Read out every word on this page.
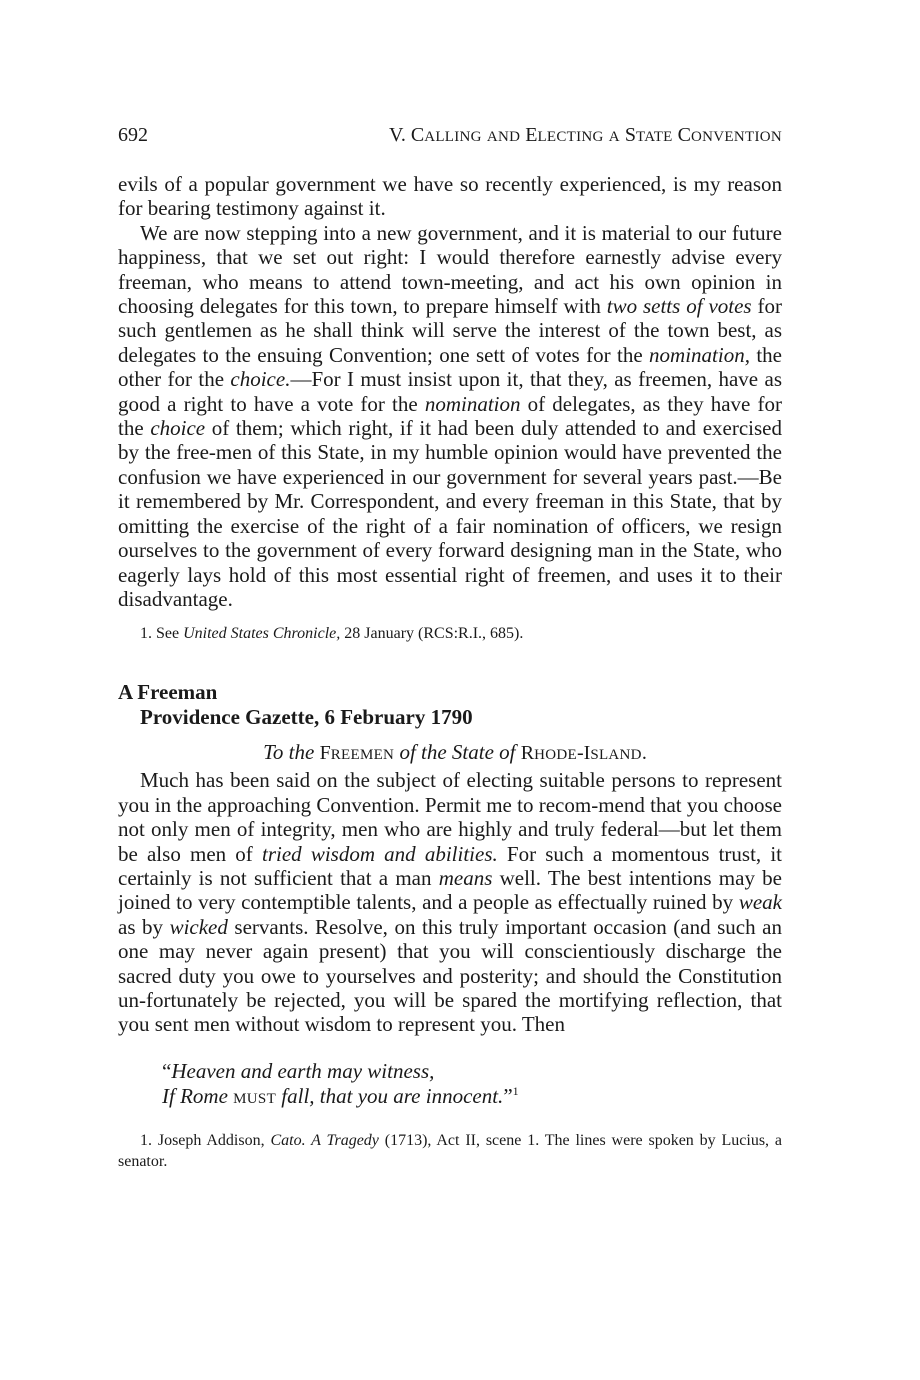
692	V. CALLING AND ELECTING A STATE CONVENTION

evils of a popular government we have so recently experienced, is my reason for bearing testimony against it.

We are now stepping into a new government, and it is material to our future happiness, that we set out right: I would therefore earnestly advise every freeman, who means to attend town-meeting, and act his own opinion in choosing delegates for this town, to prepare himself with two setts of votes for such gentlemen as he shall think will serve the interest of the town best, as delegates to the ensuing Convention; one sett of votes for the nomination, the other for the choice.—For I must insist upon it, that they, as freemen, have as good a right to have a vote for the nomination of delegates, as they have for the choice of them; which right, if it had been duly attended to and exercised by the free-men of this State, in my humble opinion would have prevented the confusion we have experienced in our government for several years past.—Be it remembered by Mr. Correspondent, and every freeman in this State, that by omitting the exercise of the right of a fair nomination of officers, we resign ourselves to the government of every forward designing man in the State, who eagerly lays hold of this most essential right of freemen, and uses it to their disadvantage.

1. See United States Chronicle, 28 January (RCS:R.I., 685).

A Freeman
Providence Gazette, 6 February 1790
To the FREEMEN of the State of RHODE-ISLAND.

Much has been said on the subject of electing suitable persons to represent you in the approaching Convention. Permit me to recom-mend that you choose not only men of integrity, men who are highly and truly federal—but let them be also men of tried wisdom and abilities. For such a momentous trust, it certainly is not sufficient that a man means well. The best intentions may be joined to very contemptible talents, and a people as effectually ruined by weak as by wicked servants. Resolve, on this truly important occasion (and such an one may never again present) that you will conscientiously discharge the sacred duty you owe to yourselves and posterity; and should the Constitution un-fortunately be rejected, you will be spared the mortifying reflection, that you sent men without wisdom to represent you. Then

“Heaven and earth may witness,
If Rome MUST fall, that you are innocent.”$^1$

1. Joseph Addison, Cato. A Tragedy (1713), Act II, scene 1. The lines were spoken by Lucius, a senator.
